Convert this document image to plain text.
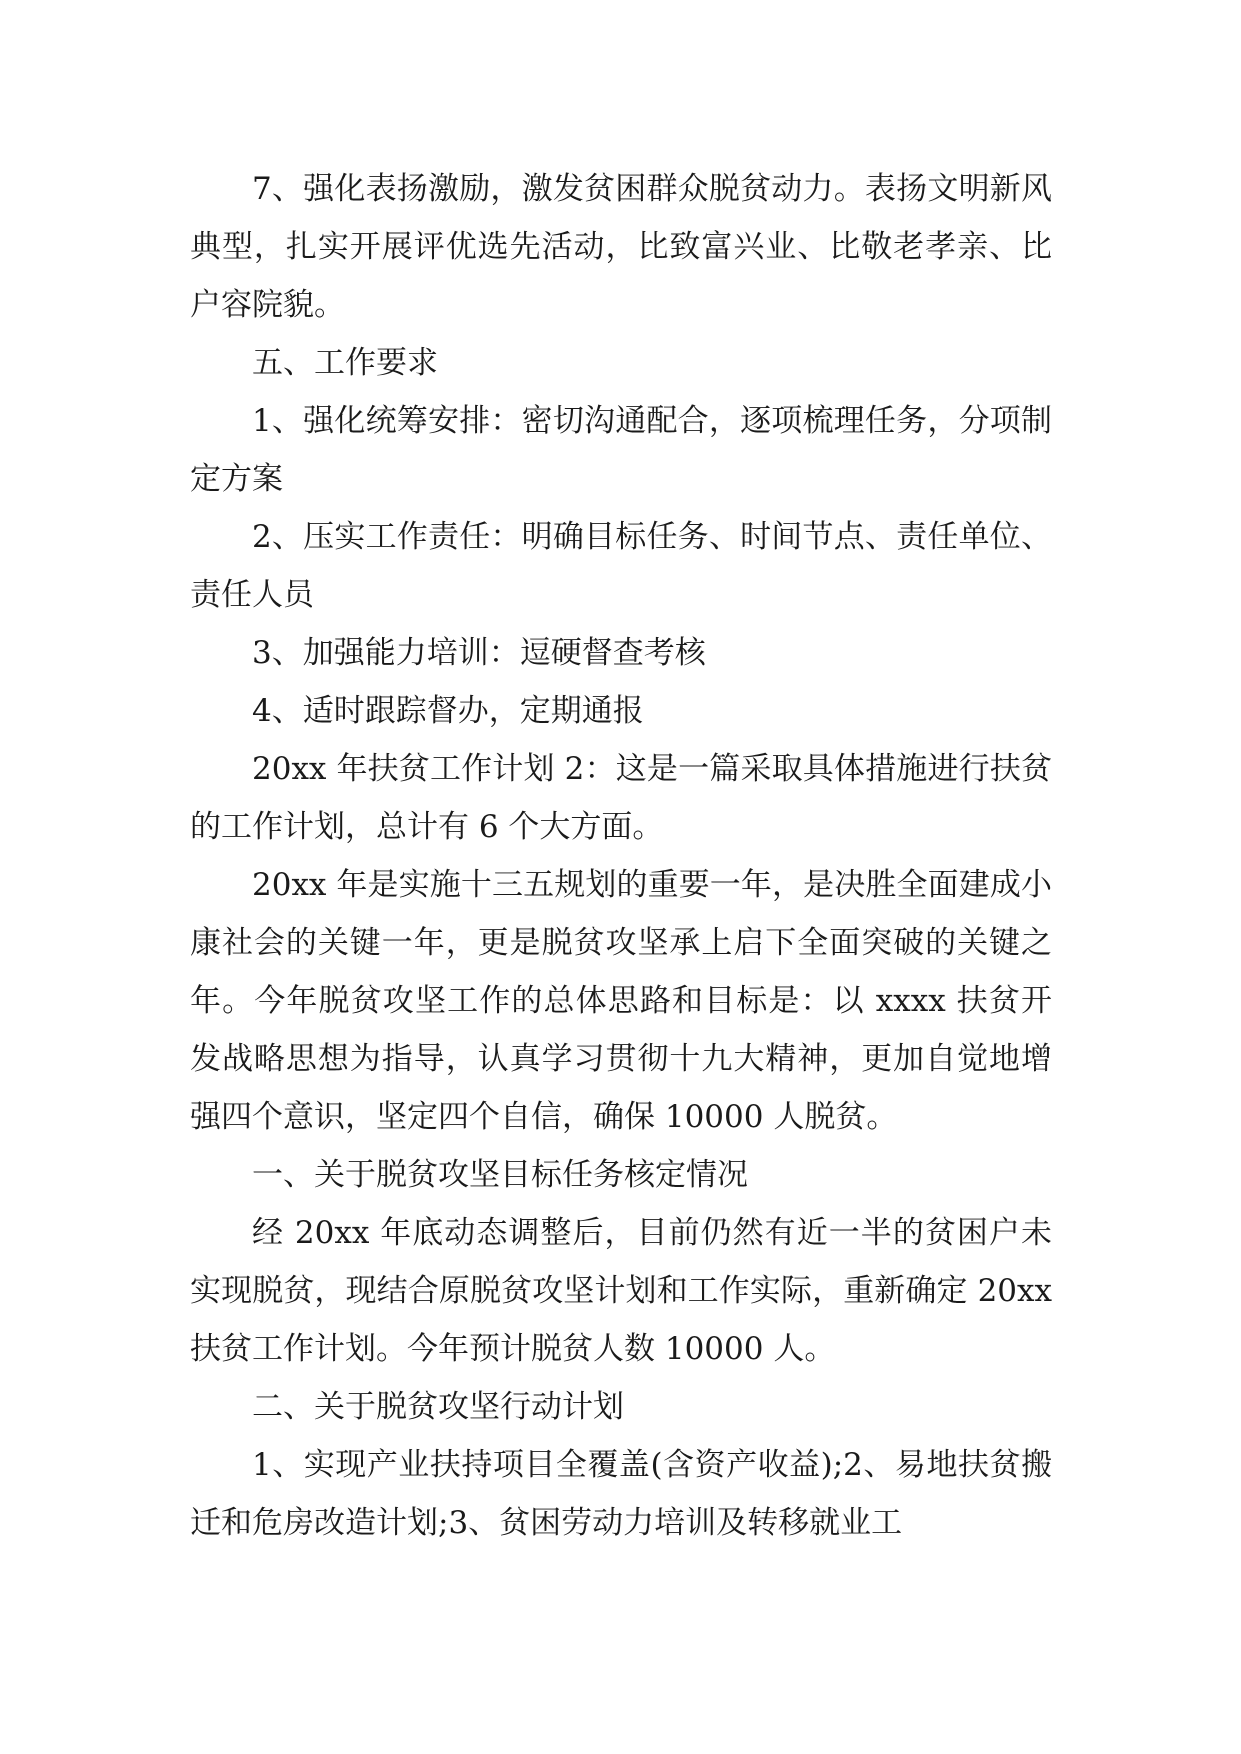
7、强化表扬激励，激发贫困群众脱贫动力。表扬文明新风典型，扎实开展评优选先活动，比致富兴业、比敬老孝亲、比户容院貌。

五、工作要求

1、强化统筹安排：密切沟通配合，逐项梳理任务，分项制定方案

2、压实工作责任：明确目标任务、时间节点、责任单位、责任人员

3、加强能力培训：逗硬督查考核

4、适时跟踪督办，定期通报

20xx 年扶贫工作计划 2：这是一篇采取具体措施进行扶贫的工作计划，总计有 6 个大方面。

20xx 年是实施十三五规划的重要一年，是决胜全面建成小康社会的关键一年，更是脱贫攻坚承上启下全面突破的关键之年。今年脱贫攻坚工作的总体思路和目标是：以 xxxx 扶贫开发战略思想为指导，认真学习贯彻十九大精神，更加自觉地增强四个意识，坚定四个自信，确保 10000 人脱贫。

一、关于脱贫攻坚目标任务核定情况

经 20xx 年底动态调整后，目前仍然有近一半的贫困户未实现脱贫，现结合原脱贫攻坚计划和工作实际，重新确定 20xx 扶贫工作计划。今年预计脱贫人数 10000 人。

二、关于脱贫攻坚行动计划

1、实现产业扶持项目全覆盖(含资产收益);2、易地扶贫搬迁和危房改造计划;3、贫困劳动力培训及转移就业工
